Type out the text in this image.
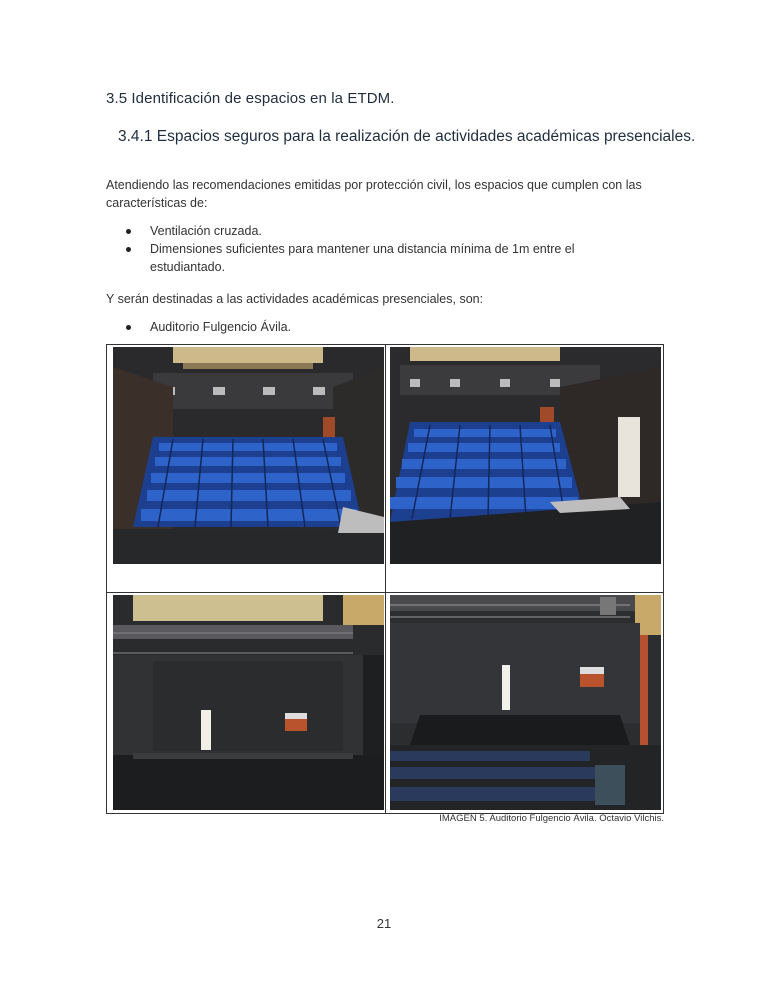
3.5 Identificación de espacios en la ETDM.
3.4.1 Espacios seguros para la realización de actividades académicas presenciales.
Atendiendo las recomendaciones emitidas por protección civil, los espacios que cumplen con las características de:
Ventilación cruzada.
Dimensiones suficientes para mantener una distancia mínima de 1m entre el estudiantado.
Y serán destinadas a las actividades académicas presenciales, son:
Auditorio Fulgencio Ávila.
IMAGEN 5. Auditorio Fulgencio Ávila. Octavio Vilchis.
21
